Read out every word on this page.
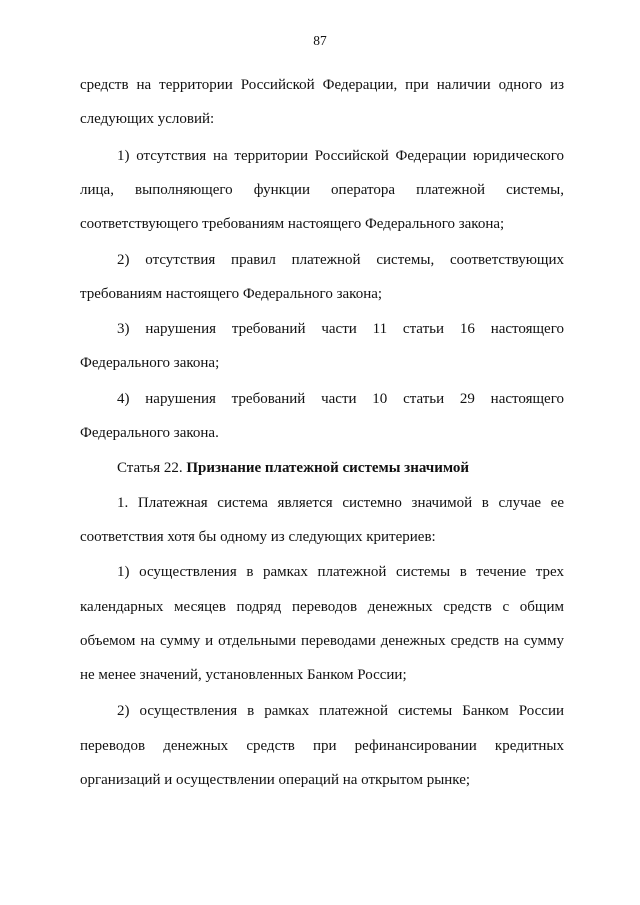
87
средств на территории Российской Федерации, при наличии одного из
следующих условий:
1) отсутствия на территории Российской Федерации юридического
лица, выполняющего функции оператора платежной системы,
соответствующего требованиям настоящего Федерального закона;
2) отсутствия правил платежной системы, соответствующих
требованиям настоящего Федерального закона;
3) нарушения требований части 11 статьи 16 настоящего
Федерального закона;
4) нарушения требований части 10 статьи 29 настоящего
Федерального закона.
Статья 22. Признание платежной системы значимой
1. Платежная система является системно значимой в случае ее
соответствия хотя бы одному из следующих критериев:
1) осуществления в рамках платежной системы в течение трех
календарных месяцев подряд переводов денежных средств с общим
объемом на сумму и отдельными переводами денежных средств на сумму
не менее значений, установленных Банком России;
2) осуществления в рамках платежной системы Банком России
переводов денежных средств при рефинансировании кредитных
организаций и осуществлении операций на открытом рынке;
